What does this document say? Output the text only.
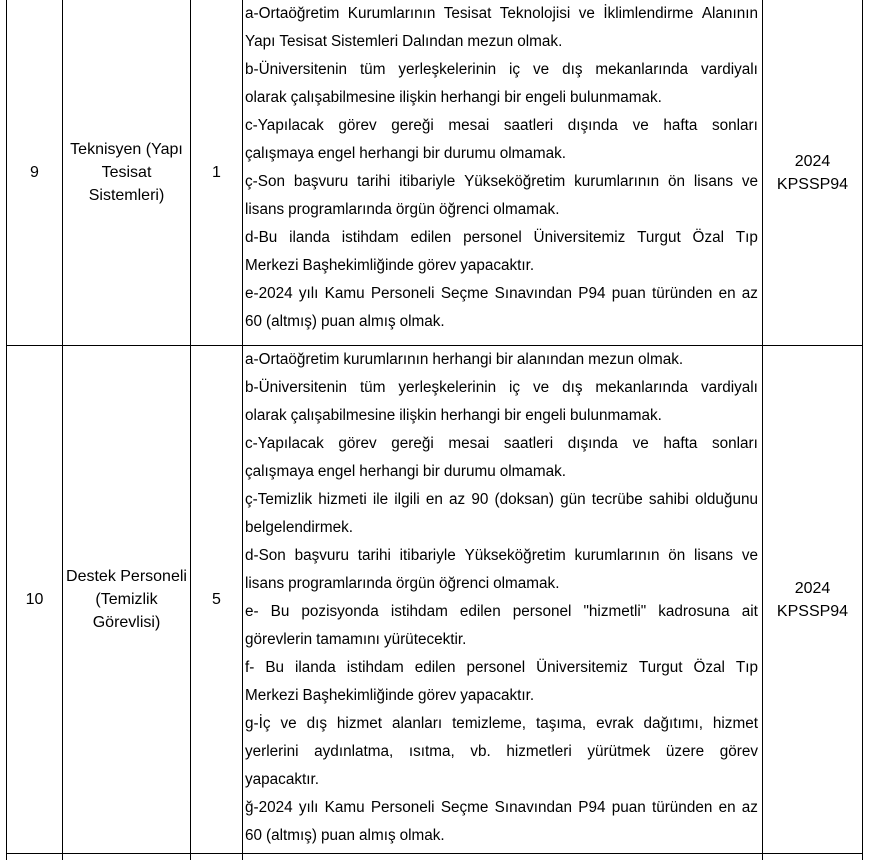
9
Teknisyen (Yapı Tesisat Sistemleri)
1
a-Ortaöğretim Kurumlarının Tesisat Teknolojisi ve İklimlendirme Alanının
Yapı Tesisat Sistemleri Dalından mezun olmak.
b-Üniversitenin tüm yerleşkelerinin iç ve dış mekanlarında vardiyalı
olarak çalışabilmesine ilişkin herhangi bir engeli bulunmamak.
c-Yapılacak görev gereği mesai saatleri dışında ve hafta sonları
çalışmaya engel herhangi bir durumu olmamak.
ç-Son başvuru tarihi itibariyle Yükseköğretim kurumlarının ön lisans ve
lisans programlarında örgün öğrenci olmamak.
d-Bu ilanda istihdam edilen personel Üniversitemiz Turgut Özal Tıp
Merkezi Başhekimliğinde görev yapacaktır.
e-2024 yılı Kamu Personeli Seçme Sınavından P94 puan türünden en az
60 (altmış) puan almış olmak.
2024 KPSSP94
10
Destek Personeli (Temizlik Görevlisi)
5
a-Ortaöğretim kurumlarının herhangi bir alanından mezun olmak.
b-Üniversitenin tüm yerleşkelerinin iç ve dış mekanlarında vardiyalı
olarak çalışabilmesine ilişkin herhangi bir engeli bulunmamak.
c-Yapılacak görev gereği mesai saatleri dışında ve hafta sonları
çalışmaya engel herhangi bir durumu olmamak.
ç-Temizlik hizmeti ile ilgili en az 90 (doksan) gün tecrübe sahibi olduğunu
belgelendirmek.
d-Son başvuru tarihi itibariyle Yükseköğretim kurumlarının ön lisans ve
lisans programlarında örgün öğrenci olmamak.
e- Bu pozisyonda istihdam edilen personel "hizmetli" kadrosuna ait
görevlerin tamamını yürütecektir.
f- Bu ilanda istihdam edilen personel Üniversitemiz Turgut Özal Tıp
Merkezi Başhekimliğinde görev yapacaktır.
g-İç ve dış hizmet alanları temizleme, taşıma, evrak dağıtımı, hizmet
yerlerini aydınlatma, ısıtma, vb. hizmetleri yürütmek üzere görev
yapacaktır.
ğ-2024 yılı Kamu Personeli Seçme Sınavından P94 puan türünden en az
60 (altmış) puan almış olmak.
2024 KPSSP94
